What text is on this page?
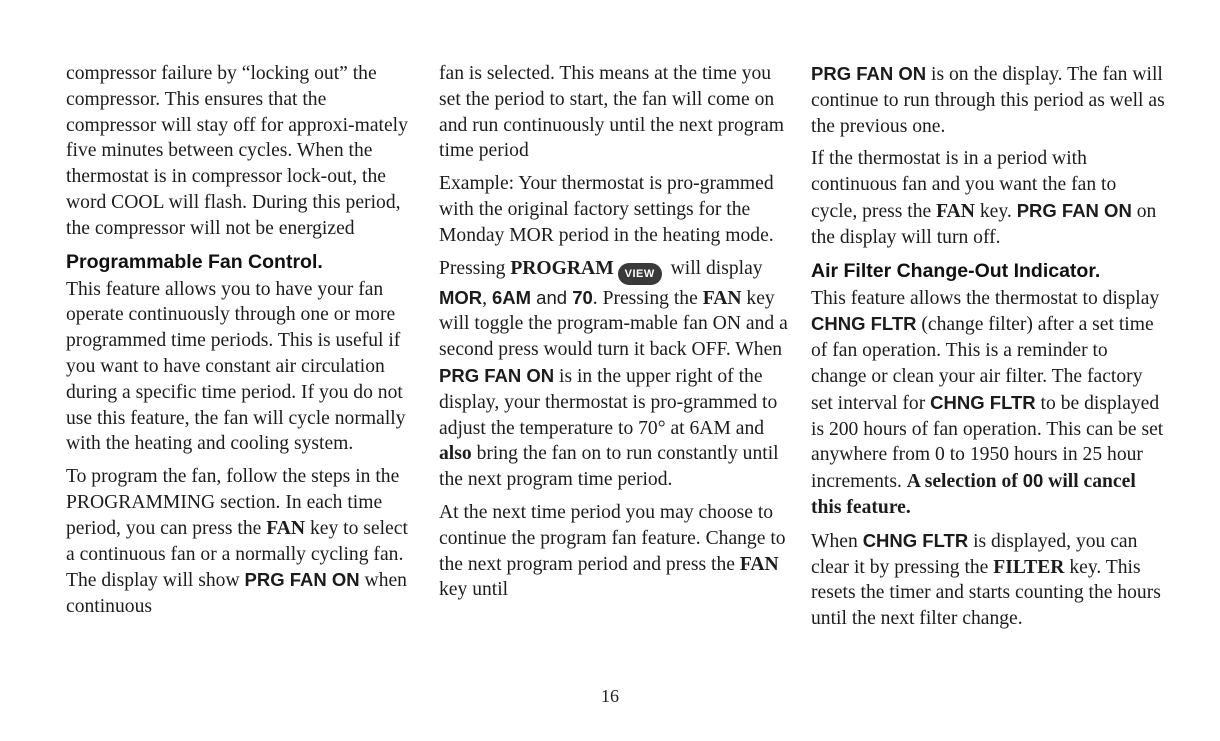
compressor failure by “locking out” the compressor. This ensures that the compressor will stay off for approxi-mately five minutes between cycles. When the thermostat is in compressor lock-out, the word COOL will flash. During this period, the compressor will not be energized

Programmable Fan Control.

This feature allows you to have your fan operate continuously through one or more programmed time periods. This is useful if you want to have constant air circulation during a specific time period. If you do not use this feature, the fan will cycle normally with the heating and cooling system.

To program the fan, follow the steps in the PROGRAMMING section. In each time period, you can press the FAN key to select a continuous fan or a normally cycling fan. The display will show PRG FAN ON when continuous

fan is selected. This means at the time you set the period to start, the fan will come on and run continuously until the next program time period

Example: Your thermostat is pro-grammed with the original factory settings for the Monday MOR period in the heating mode.

Pressing PROGRAM VIEW will display MOR, 6AM and 70. Pressing the FAN key will toggle the program-mable fan ON and a second press would turn it back OFF. When PRG FAN ON is in the upper right of the display, your thermostat is pro-grammed to adjust the temperature to 70° at 6AM and also bring the fan on to run constantly until the next program time period.

At the next time period you may choose to continue the program fan feature. Change to the next program period and press the FAN key until

PRG FAN ON is on the display. The fan will continue to run through this period as well as the previous one.

If the thermostat is in a period with continuous fan and you want the fan to cycle, press the FAN key. PRG FAN ON on the display will turn off.

Air Filter Change-Out Indicator.

This feature allows the thermostat to display CHNG FLTR (change filter) after a set time of fan operation. This is a reminder to change or clean your air filter. The factory set interval for CHNG FLTR to be displayed is 200 hours of fan operation. This can be set anywhere from 0 to 1950 hours in 25 hour increments. A selection of 00 will cancel this feature.

When CHNG FLTR is displayed, you can clear it by pressing the FILTER key. This resets the timer and starts counting the hours until the next filter change.

16
